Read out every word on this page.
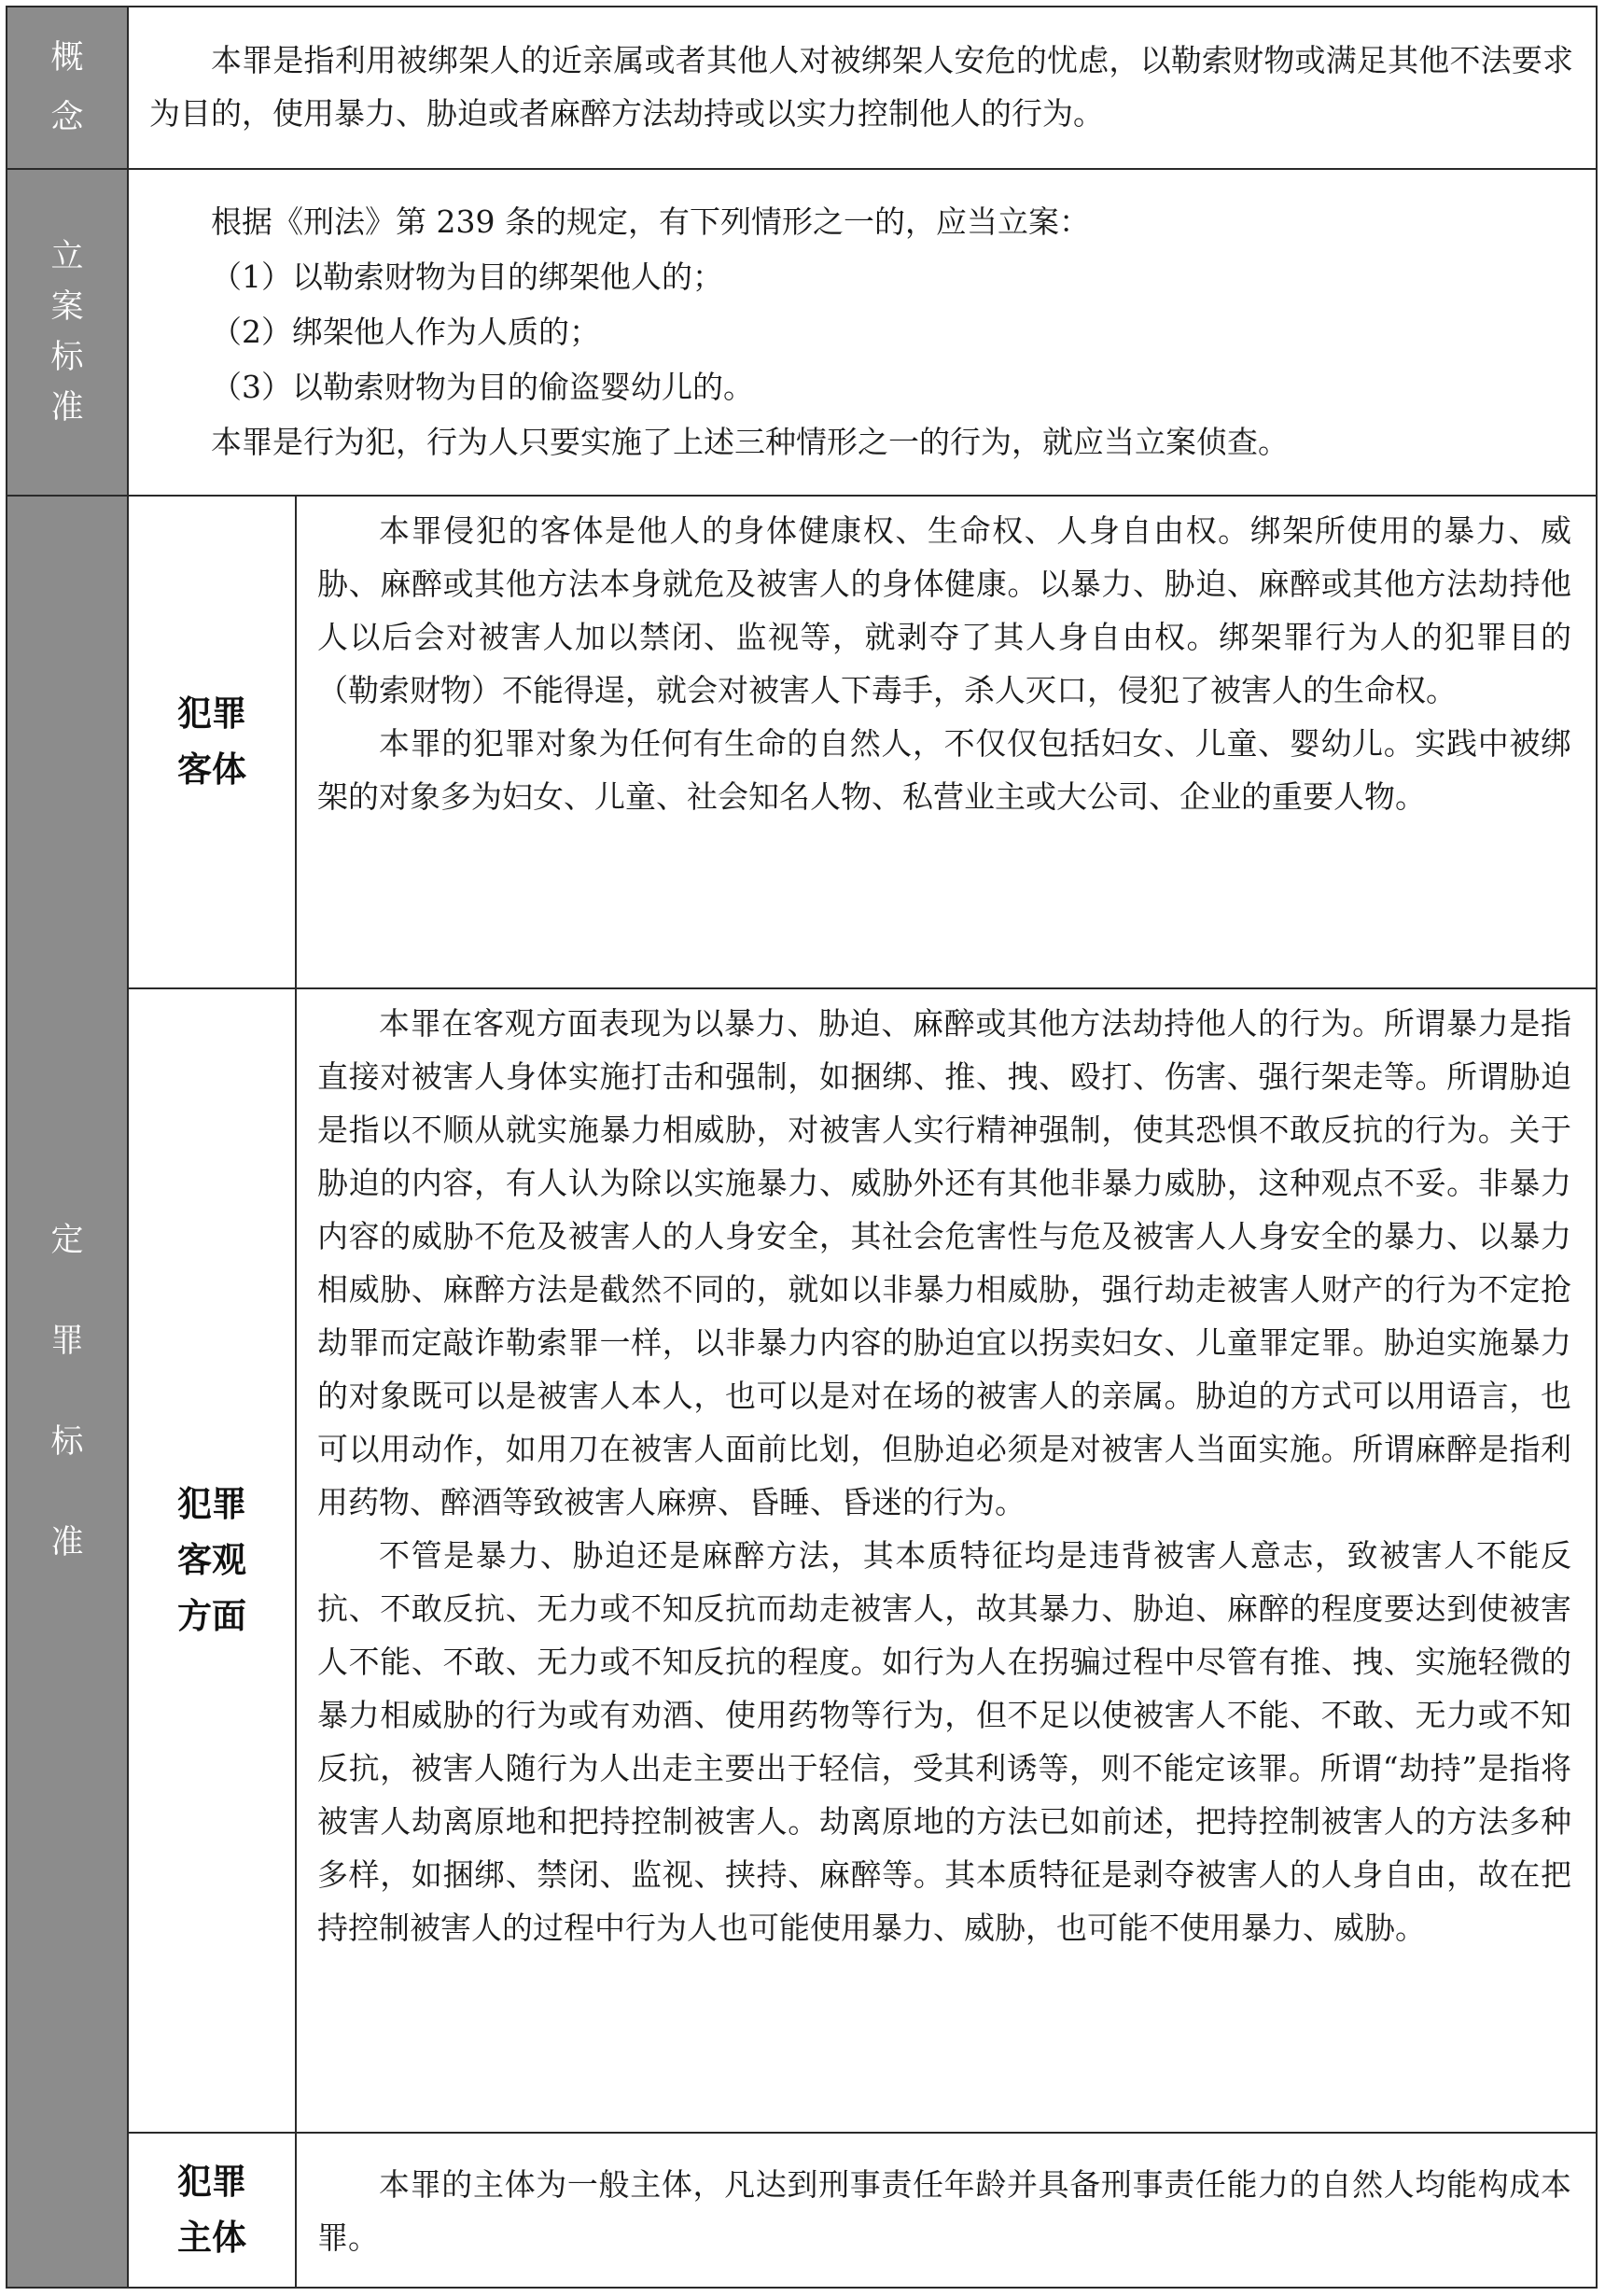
概
念

本罪是指利用被绑架人的近亲属或者其他人对被绑架人安危的忧虑，以勒索财物或满足其他不法要求为目的，使用暴力、胁迫或者麻醉方法劫持或以实力控制他人的行为。

立
案
标
准

根据《刑法》第 239 条的规定，有下列情形之一的，应当立案：

（1）以勒索财物为目的绑架他人的；

（2）绑架他人作为人质的；

（3）以勒索财物为目的偷盗婴幼儿的。

本罪是行为犯，行为人只要实施了上述三种情形之一的行为，就应当立案侦查。

定
罪
标
准
犯罪
客体

本罪侵犯的客体是他人的身体健康权、生命权、人身自由权。绑架所使用的暴力、威胁、麻醉或其他方法本身就危及被害人的身体健康。以暴力、胁迫、麻醉或其他方法劫持他人以后会对被害人加以禁闭、监视等，就剥夺了其人身自由权。绑架罪行为人的犯罪目的（勒索财物）不能得逞，就会对被害人下毒手，杀人灭口，侵犯了被害人的生命权。

本罪的犯罪对象为任何有生命的自然人，不仅仅包括妇女、儿童、婴幼儿。实践中被绑架的对象多为妇女、儿童、社会知名人物、私营业主或大公司、企业的重要人物。

犯罪
客观
方面

本罪在客观方面表现为以暴力、胁迫、麻醉或其他方法劫持他人的行为。所谓暴力是指直接对被害人身体实施打击和强制，如捆绑、推、拽、殴打、伤害、强行架走等。所谓胁迫是指以不顺从就实施暴力相威胁，对被害人实行精神强制，使其恐惧不敢反抗的行为。关于胁迫的内容，有人认为除以实施暴力、威胁外还有其他非暴力威胁，这种观点不妥。非暴力内容的威胁不危及被害人的人身安全，其社会危害性与危及被害人人身安全的暴力、以暴力相威胁、麻醉方法是截然不同的，就如以非暴力相威胁，强行劫走被害人财产的行为不定抢劫罪而定敲诈勒索罪一样，以非暴力内容的胁迫宜以拐卖妇女、儿童罪定罪。胁迫实施暴力的对象既可以是被害人本人，也可以是对在场的被害人的亲属。胁迫的方式可以用语言，也可以用动作，如用刀在被害人面前比划，但胁迫必须是对被害人当面实施。所谓麻醉是指利用药物、醉酒等致被害人麻痹、昏睡、昏迷的行为。

不管是暴力、胁迫还是麻醉方法，其本质特征均是违背被害人意志，致被害人不能反抗、不敢反抗、无力或不知反抗而劫走被害人，故其暴力、胁迫、麻醉的程度要达到使被害人不能、不敢、无力或不知反抗的程度。如行为人在拐骗过程中尽管有推、拽、实施轻微的暴力相威胁的行为或有劝酒、使用药物等行为，但不足以使被害人不能、不敢、无力或不知反抗，被害人随行为人出走主要出于轻信，受其利诱等，则不能定该罪。所谓“劫持”是指将被害人劫离原地和把持控制被害人。劫离原地的方法已如前述，把持控制被害人的方法多种多样，如捆绑、禁闭、监视、挟持、麻醉等。其本质特征是剥夺被害人的人身自由，故在把持控制被害人的过程中行为人也可能使用暴力、威胁，也可能不使用暴力、威胁。

犯罪
主体

本罪的主体为一般主体，凡达到刑事责任年龄并具备刑事责任能力的自然人均能构成本罪。
